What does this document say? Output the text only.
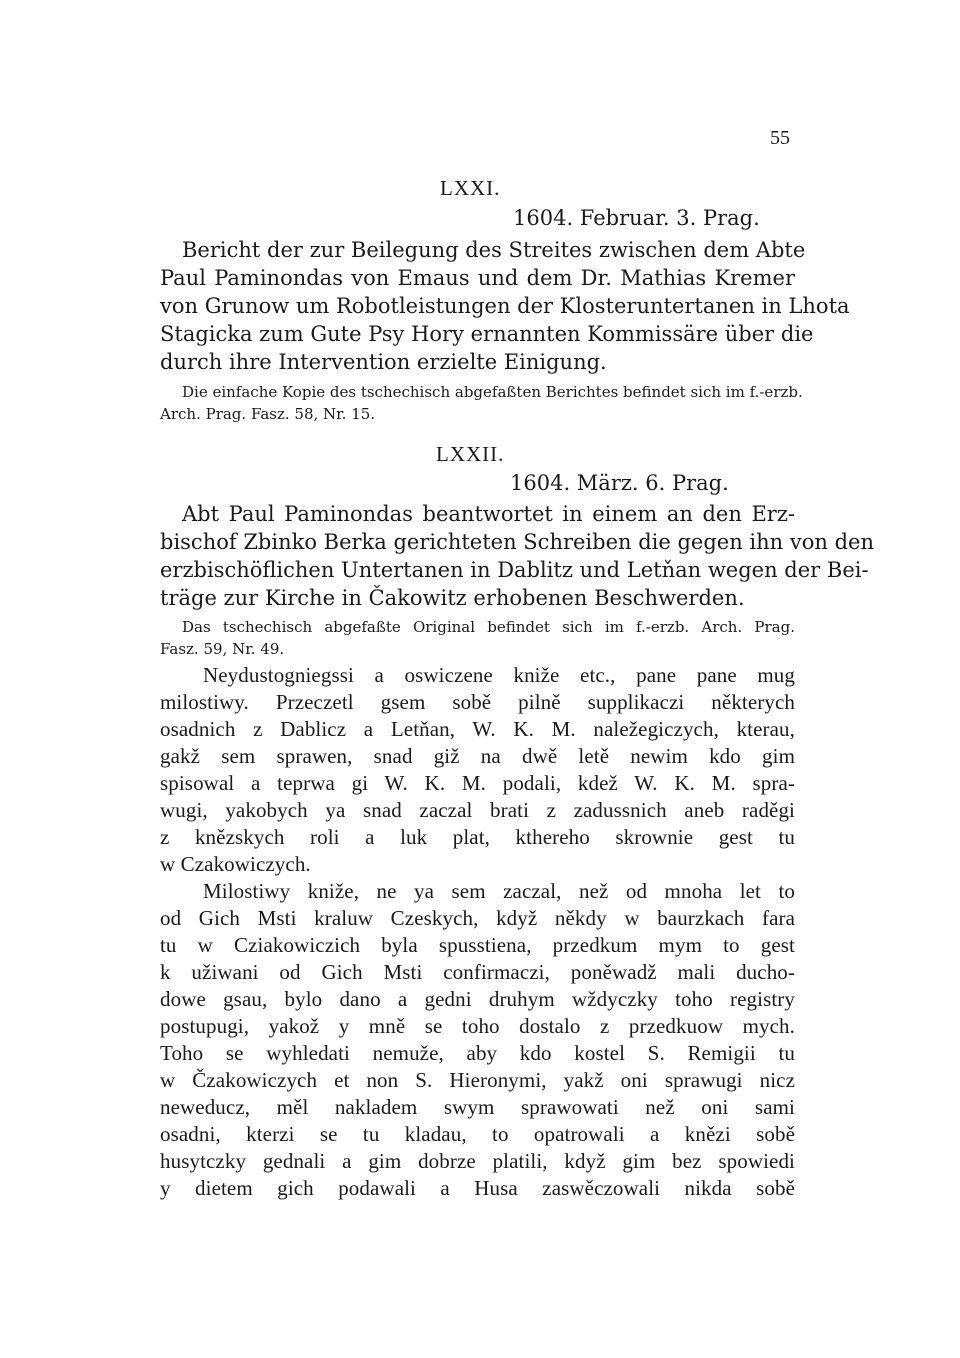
55
LXXI.
1604. Februar. 3. Prag.
Bericht der zur Beilegung des Streites zwischen dem Abte
Paul Paminondas von Emaus und dem Dr. Mathias Kremer
von Grunow um Robotleistungen der Klosteruntertanen in Lhota
Stagicka zum Gute Psy Hory ernannten Kommissäre über die
durch ihre Intervention erzielte Einigung.
Die einfache Kopie des tschechisch abgefaßten Berichtes befindet sich im f.-erzb.
Arch. Prag. Fasz. 58, Nr. 15.
LXXII.
1604. März. 6. Prag.
Abt Paul Paminondas beantwortet in einem an den Erz-
bischof Zbinko Berka gerichteten Schreiben die gegen ihn von den
erzbischöflichen Untertanen in Dablitz und Letňan wegen der Bei-
träge zur Kirche in Čakowitz erhobenen Beschwerden.
Das tschechisch abgefaßte Original befindet sich im f.-erzb. Arch. Prag.
Fasz. 59, Nr. 49.
Neydustogniegssi a oswiczene kniže etc., pane pane mug
milostiwy. Przeczetl gsem sobě pilně supplikaczi některych
osadnich z Dablicz a Letňan, W. K. M. naležegiczych, kterau,
gakž sem sprawen, snad giž na dwě letě newim kdo gim
spisowal a teprwa gi W. K. M. podali, kdež W. K. M. spra-
wugi, yakobych ya snad zaczal brati z zadussnich aneb raděgi
z knězskych roli a luk plat, kthereho skrownie gest tu
w Czakowiczych.
Milostiwy kniže, ne ya sem zaczal, než od mnoha let to
od Gich Msti kraluw Czeskych, když někdy w baurzkach fara
tu w Cziakowiczich byla spusstiena, przedkum mym to gest
k užiwani od Gich Msti confirmaczi, poněwadž mali ducho-
dowe gsau, bylo dano a gedni druhym wždyczky toho registry
postupugi, yakož y mně se toho dostalo z przedkuow mych.
Toho se wyhledati nemuže, aby kdo kostel S. Remigii tu
w Čzakowiczych et non S. Hieronymi, yakž oni sprawugi nicz
neweducz, měl nakladem swym sprawowati než oni sami
osadni, kterzi se tu kladau, to opatrowali a knězi sobě
husytczky gednali a gim dobrze platili, když gim bez spowiedi
y dietem gich podawali a Husa zaswěczowali nikda sobě
